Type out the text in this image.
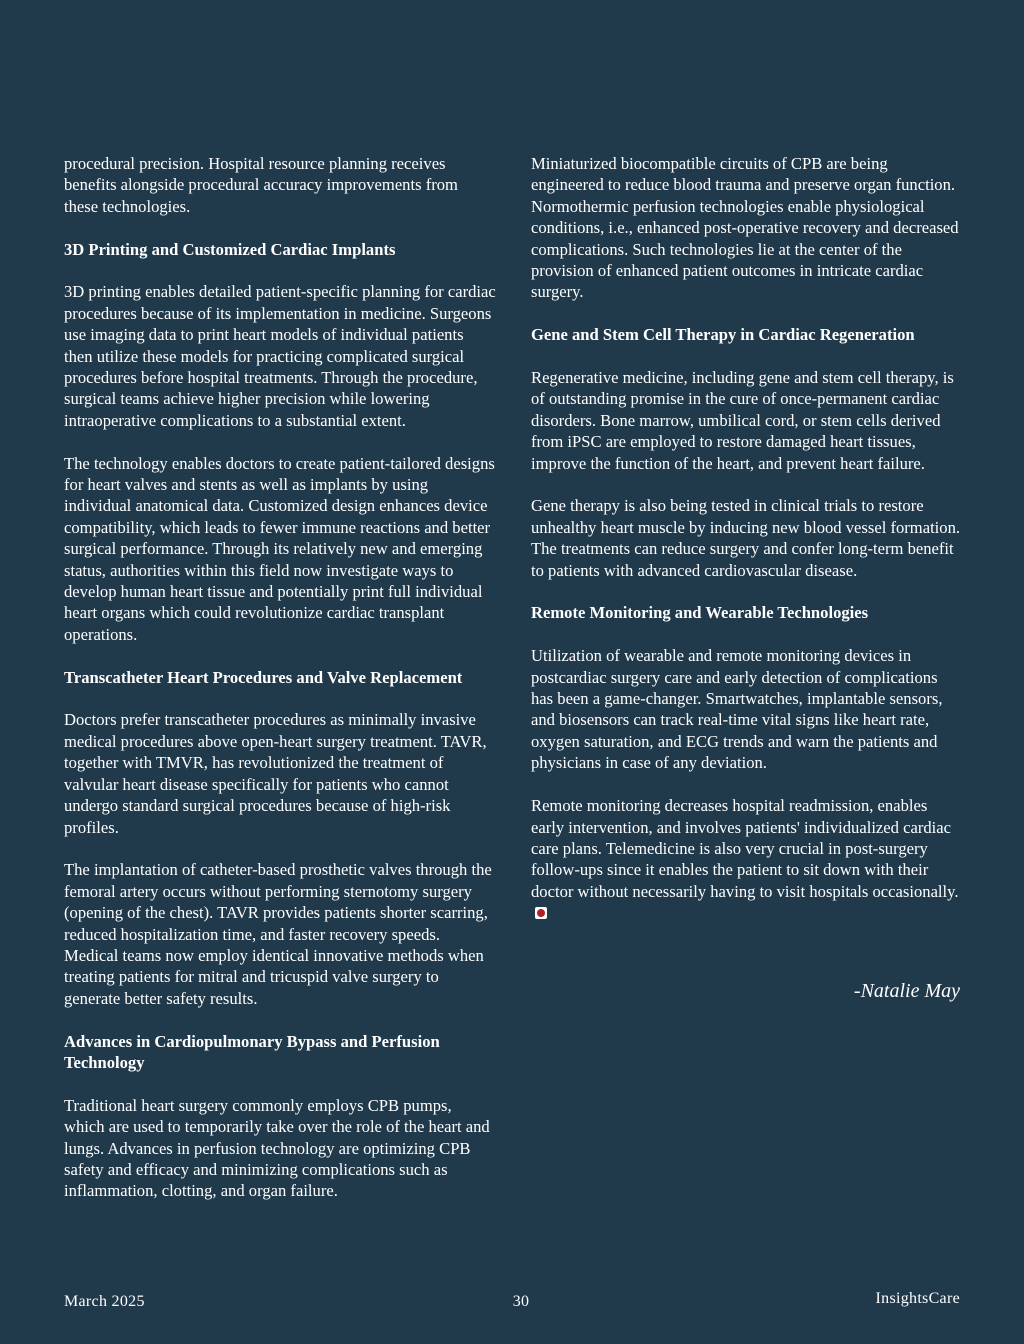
procedural precision. Hospital resource planning receives benefits alongside procedural accuracy improvements from these technologies.

3D Printing and Customized Cardiac Implants

3D printing enables detailed patient-specific planning for cardiac procedures because of its implementation in medicine. Surgeons use imaging data to print heart models of individual patients then utilize these models for practicing complicated surgical procedures before hospital treatments. Through the procedure, surgical teams achieve higher precision while lowering intraoperative complications to a substantial extent.

The technology enables doctors to create patient-tailored designs for heart valves and stents as well as implants by using individual anatomical data. Customized design enhances device compatibility, which leads to fewer immune reactions and better surgical performance. Through its relatively new and emerging status, authorities within this field now investigate ways to develop human heart tissue and potentially print full individual heart organs which could revolutionize cardiac transplant operations.

Transcatheter Heart Procedures and Valve Replacement

Doctors prefer transcatheter procedures as minimally invasive medical procedures above open-heart surgery treatment. TAVR, together with TMVR, has revolutionized the treatment of valvular heart disease specifically for patients who cannot undergo standard surgical procedures because of high-risk profiles.

The implantation of catheter-based prosthetic valves through the femoral artery occurs without performing sternotomy surgery (opening of the chest). TAVR provides patients shorter scarring, reduced hospitalization time, and faster recovery speeds. Medical teams now employ identical innovative methods when treating patients for mitral and tricuspid valve surgery to generate better safety results.

Advances in Cardiopulmonary Bypass and Perfusion Technology

Traditional heart surgery commonly employs CPB pumps, which are used to temporarily take over the role of the heart and lungs. Advances in perfusion technology are optimizing CPB safety and efficacy and minimizing complications such as inflammation, clotting, and organ failure.

Miniaturized biocompatible circuits of CPB are being engineered to reduce blood trauma and preserve organ function. Normothermic perfusion technologies enable physiological conditions, i.e., enhanced post-operative recovery and decreased complications. Such technologies lie at the center of the provision of enhanced patient outcomes in intricate cardiac surgery.

Gene and Stem Cell Therapy in Cardiac Regeneration

Regenerative medicine, including gene and stem cell therapy, is of outstanding promise in the cure of once-permanent cardiac disorders. Bone marrow, umbilical cord, or stem cells derived from iPSC are employed to restore damaged heart tissues, improve the function of the heart, and prevent heart failure.

Gene therapy is also being tested in clinical trials to restore unhealthy heart muscle by inducing new blood vessel formation. The treatments can reduce surgery and confer long-term benefit to patients with advanced cardiovascular disease.

Remote Monitoring and Wearable Technologies

Utilization of wearable and remote monitoring devices in postcardiac surgery care and early detection of complications has been a game-changer. Smartwatches, implantable sensors, and biosensors can track real-time vital signs like heart rate, oxygen saturation, and ECG trends and warn the patients and physicians in case of any deviation.

Remote monitoring decreases hospital readmission, enables early intervention, and involves patients' individualized cardiac care plans. Telemedicine is also very crucial in post-surgery follow-ups since it enables the patient to sit down with their doctor without necessarily having to visit hospitals occasionally.

-Natalie May
March 2025	30	InsightsCare
